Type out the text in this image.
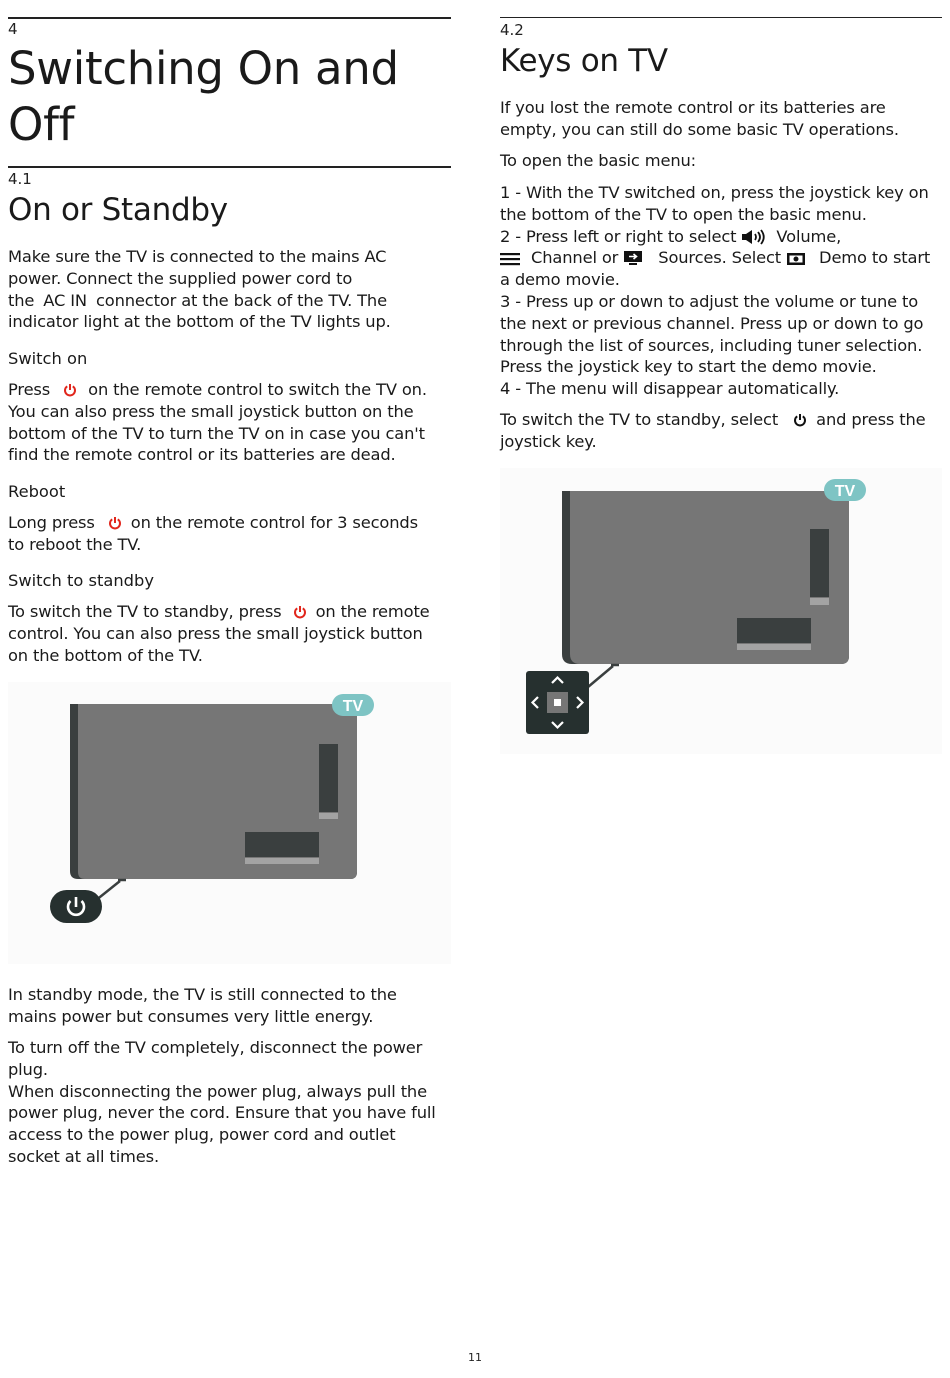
4

Switching On and
Off

4.1

On or Standby

Make sure the TV is connected to the mains AC

power. Connect the supplied power cord to

the AC IN connector at the back of the TV. The

indicator light at the bottom of the TV lights up.

Switch on

Press  on the remote control to switch the TV on.

You can also press the small joystick button on the

bottom of the TV to turn the TV on in case you can't

find the remote control or its batteries are dead.

Reboot

Long press  on the remote control for 3 seconds

to reboot the TV.

Switch to standby

To switch the TV to standby, press  on the remote

control. You can also press the small joystick button

on the bottom of the TV.

TV

In standby mode, the TV is still connected to the

mains power but consumes very little energy.

To turn off the TV completely, disconnect the power

plug.

When disconnecting the power plug, always pull the

power plug, never the cord. Ensure that you have full

access to the power plug, power cord and outlet

socket at all times.

4.2

Keys on TV

If you lost the remote control or its batteries are

empty, you can still do some basic TV operations.

To open the basic menu:

1 - With the TV switched on, press the joystick key on

the bottom of the TV to open the basic menu.

2 - Press left or right to select  Volume,

Channel or  Sources. Select  Demo to start

a demo movie.

3 - Press up or down to adjust the volume or tune to

the next or previous channel. Press up or down to go

through the list of sources, including tuner selection.

Press the joystick key to start the demo movie.

4 - The menu will disappear automatically.

To switch the TV to standby, select  and press the

joystick key.

TV
11
